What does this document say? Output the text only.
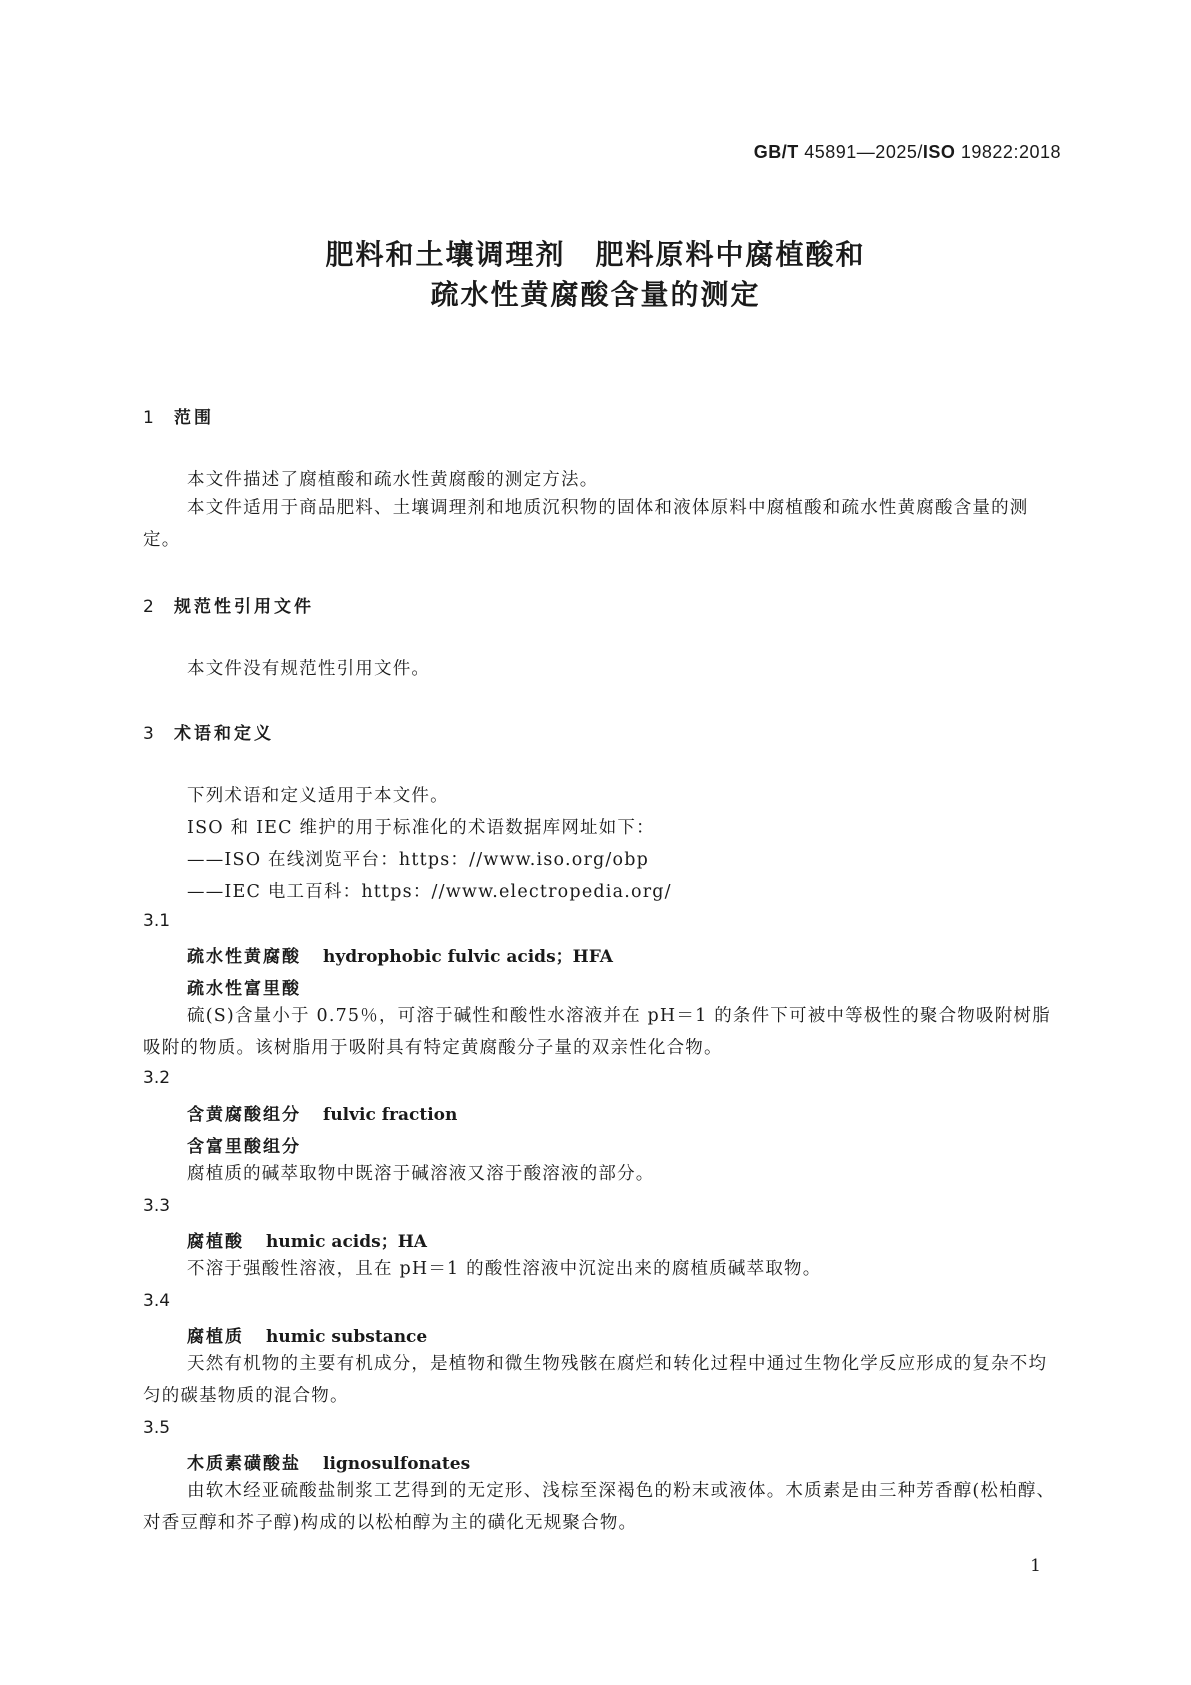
GB/T 45891—2025/ISO 19822:2018
肥料和土壤调理剂　肥料原料中腐植酸和
疏水性黄腐酸含量的测定
1 范围
本文件描述了腐植酸和疏水性黄腐酸的测定方法。
本文件适用于商品肥料、土壤调理剂和地质沉积物的固体和液体原料中腐植酸和疏水性黄腐酸含量的测定。
2 规范性引用文件
本文件没有规范性引用文件。
3 术语和定义
下列术语和定义适用于本文件。
ISO 和 IEC 维护的用于标准化的术语数据库网址如下：
——ISO 在线浏览平台：https：//www.iso.org/obp
——IEC 电工百科：https：//www.electropedia.org/
3.1
疏水性黄腐酸 hydrophobic fulvic acids；HFA
疏水性富里酸
硫(S)含量小于 0.75％，可溶于碱性和酸性水溶液并在 pH＝1 的条件下可被中等极性的聚合物吸附树脂吸附的物质。该树脂用于吸附具有特定黄腐酸分子量的双亲性化合物。
3.2
含黄腐酸组分 fulvic fraction
含富里酸组分
腐植质的碱萃取物中既溶于碱溶液又溶于酸溶液的部分。
3.3
腐植酸 humic acids；HA
不溶于强酸性溶液，且在 pH＝1 的酸性溶液中沉淀出来的腐植质碱萃取物。
3.4
腐植质 humic substance
天然有机物的主要有机成分，是植物和微生物残骸在腐烂和转化过程中通过生物化学反应形成的复杂不均匀的碳基物质的混合物。
3.5
木质素磺酸盐 lignosulfonates
由软木经亚硫酸盐制浆工艺得到的无定形、浅棕至深褐色的粉末或液体。木质素是由三种芳香醇(松柏醇、对香豆醇和芥子醇)构成的以松柏醇为主的磺化无规聚合物。
1
